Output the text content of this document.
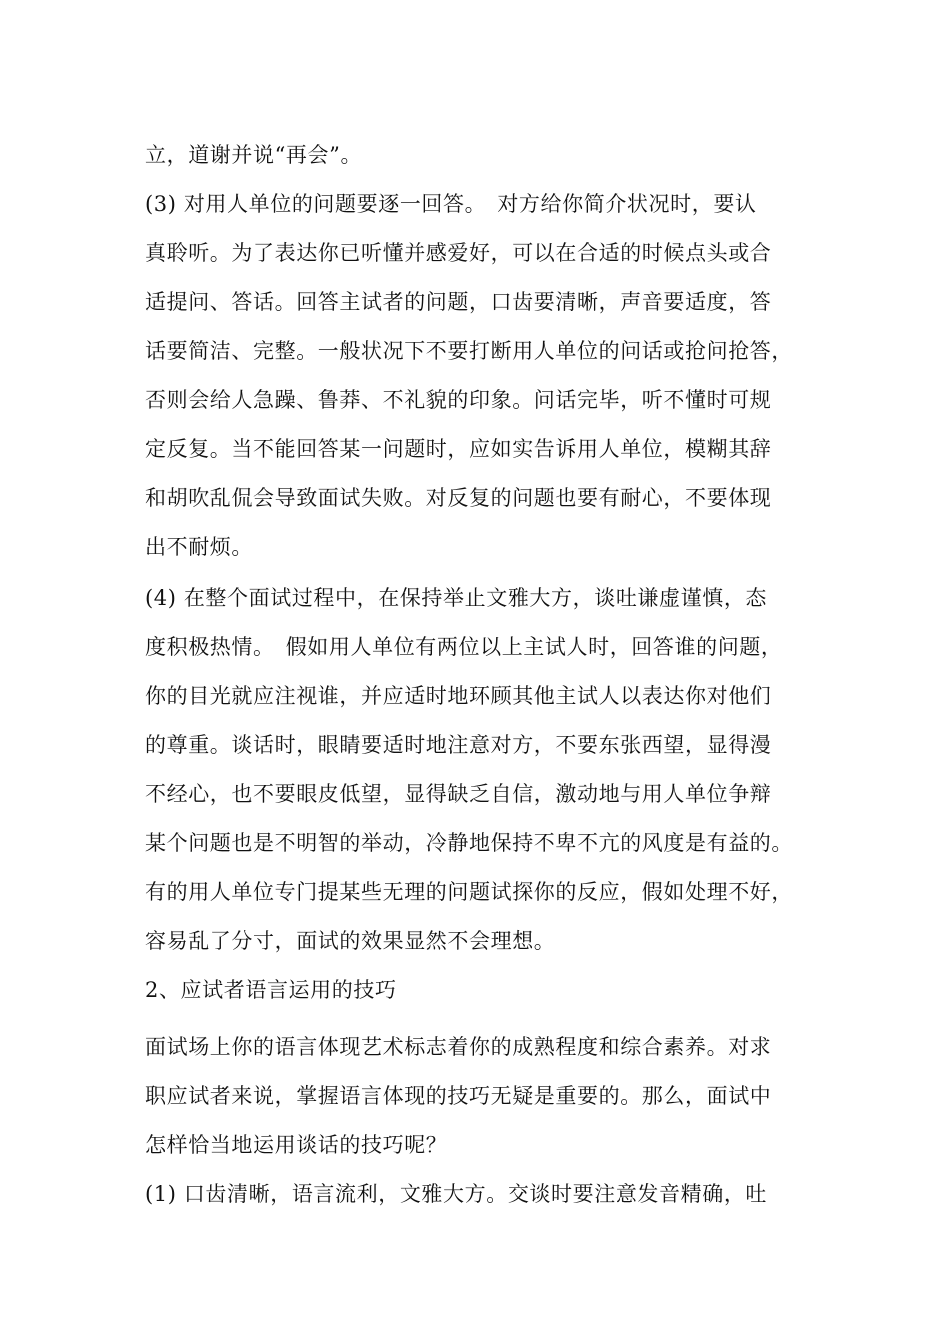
立，道谢并说“再会”。
(3) 对用人单位的问题要逐一回答。　对方给你简介状况时，要认
真聆听。为了表达你已听懂并感爱好，可以在合适的时候点头或合
适提问、答话。回答主试者的问题，口齿要清晰，声音要适度，答
话要简洁、完整。一般状况下不要打断用人单位的问话或抢问抢答，
否则会给人急躁、鲁莽、不礼貌的印象。问话完毕，听不懂时可规
定反复。当不能回答某一问题时，应如实告诉用人单位，模糊其辞
和胡吹乱侃会导致面试失败。对反复的问题也要有耐心，不要体现
出不耐烦。
(4) 在整个面试过程中，在保持举止文雅大方，谈吐谦虚谨慎，态
度积极热情。　假如用人单位有两位以上主试人时，回答谁的问题，
你的目光就应注视谁，并应适时地环顾其他主试人以表达你对他们
的尊重。谈话时，眼睛要适时地注意对方，不要东张西望，显得漫
不经心，也不要眼皮低望，显得缺乏自信，激动地与用人单位争辩
某个问题也是不明智的举动，冷静地保持不卑不亢的风度是有益的。
有的用人单位专门提某些无理的问题试探你的反应，假如处理不好，
容易乱了分寸，面试的效果显然不会理想。
2、应试者语言运用的技巧
面试场上你的语言体现艺术标志着你的成熟程度和综合素养。对求
职应试者来说，掌握语言体现的技巧无疑是重要的。那么，面试中
怎样恰当地运用谈话的技巧呢？
(1) 口齿清晰，语言流利，文雅大方。交谈时要注意发音精确，吐
